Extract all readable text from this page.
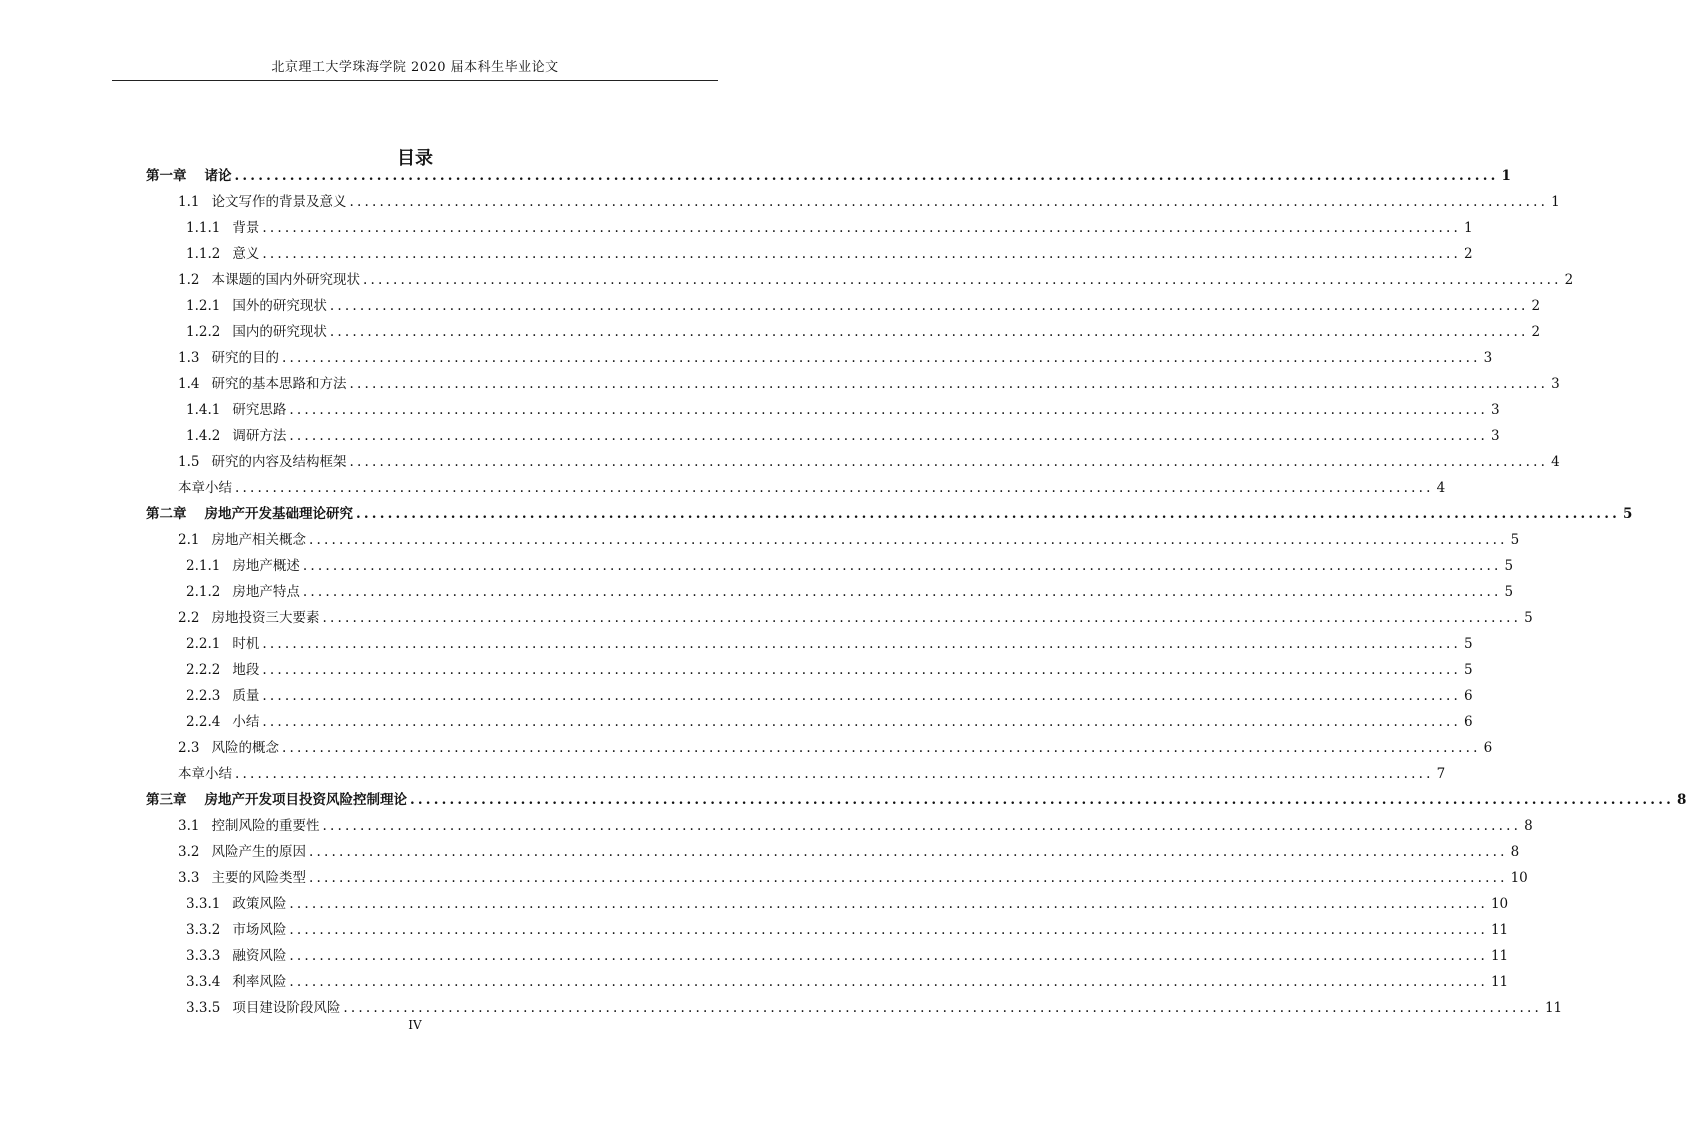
北京理工大学珠海学院 2020 届本科生毕业论文
目录
第一章 诸论 ................................................................................................................................................................ 1
1.1 论文写作的背景及意义 ................................................................................................................................................................ 1
1.1.1 背景 ................................................................................................................................................................ 1
1.1.2 意义 ................................................................................................................................................................ 2
1.2 本课题的国内外研究现状 ................................................................................................................................................................ 2
1.2.1 国外的研究现状 ................................................................................................................................................................ 2
1.2.2 国内的研究现状 ................................................................................................................................................................ 2
1.3 研究的目的 ................................................................................................................................................................ 3
1.4 研究的基本思路和方法 ................................................................................................................................................................ 3
1.4.1 研究思路 ................................................................................................................................................................ 3
1.4.2 调研方法 ................................................................................................................................................................ 3
1.5 研究的内容及结构框架 ................................................................................................................................................................ 4
本章小结 ................................................................................................................................................................ 4
第二章 房地产开发基础理论研究 ................................................................................................................................................................ 5
2.1 房地产相关概念 ................................................................................................................................................................ 5
2.1.1 房地产概述 ................................................................................................................................................................ 5
2.1.2 房地产特点 ................................................................................................................................................................ 5
2.2 房地投资三大要素 ................................................................................................................................................................ 5
2.2.1 时机 ................................................................................................................................................................ 5
2.2.2 地段 ................................................................................................................................................................ 5
2.2.3 质量 ................................................................................................................................................................ 6
2.2.4 小结 ................................................................................................................................................................ 6
2.3 风险的概念 ................................................................................................................................................................ 6
本章小结 ................................................................................................................................................................ 7
第三章 房地产开发项目投资风险控制理论 ................................................................................................................................................................ 8
3.1 控制风险的重要性 ................................................................................................................................................................ 8
3.2 风险产生的原因 ................................................................................................................................................................ 8
3.3 主要的风险类型 ................................................................................................................................................................ 10
3.3.1 政策风险 ................................................................................................................................................................ 10
3.3.2 市场风险 ................................................................................................................................................................ 11
3.3.3 融资风险 ................................................................................................................................................................ 11
3.3.4 利率风险 ................................................................................................................................................................ 11
3.3.5 项目建设阶段风险 ................................................................................................................................................................ 11
IV
